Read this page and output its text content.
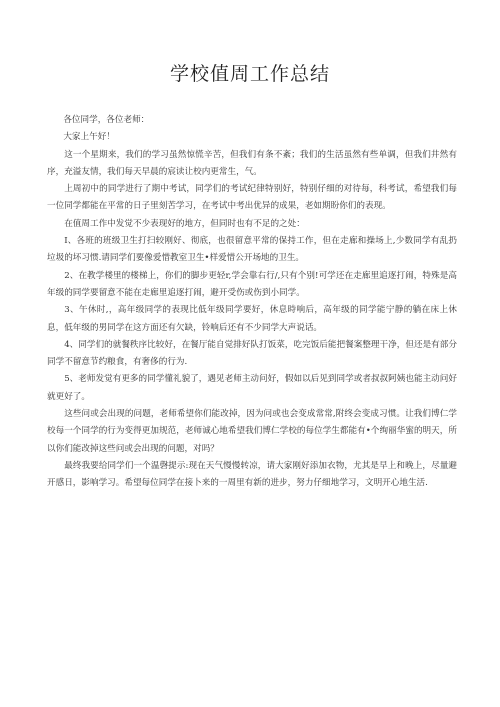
学校值周工作总结

各位同学，各位老师：

大家上午好！

这一个星期来，我们的学习虽然惊慌辛苦，但我们有条不紊；我们的生活虽然有些单调，但我们井然有序，充溢友情，我们每天早晨的宸读让校内更常生，气。

上周初中的同学进行了期中考试，同学们的考试纪律特别好，特别仔细的对待每，科考试，希望我们每一位同学都能在平常的日子里刻苦学习，在考试中考出优异的成果，老如期盼你们的表现。

在值周工作中发觉不少表现好的地方，但同时也有不足的之处：

I、各班的班级卫生打扫较刚好、彻底，也很留意平常的保持工作，但在走廊和操场上,少数同学有乱扔垃圾的坏习惯.请同学们要像爱惜教室卫生•样爱惜公开场地的卫生。

2、在教学楼里的楼梯上，你们的脚步更轻r,学会靠右行/,只有个别!可学还在走廊里追逐打闹，特殊是高年级的同学要留意不能在走廊里追逐打闹，避开受伤或伤到小同学。

3、午休时,，高年级同学的表现比低年级同学要好，休息時响后，高年级的同学能宁静的躺在床上休息，低年级的男同学在这方面还有欠缺，铃响后还有不少同学大声说话。

4、同学们的就餐秩序比较好，在餐厅能自觉排好队打饭菜，吃完饭后能把餐案整理干净，但还是有部分同学不留意节约粮食，有奢侈的行为.

5、老师发觉有更多的同学懂礼貌了，遇见老师主动问好，假如以后见到同学或者叔叔阿姨也能主动问好就更好了。

这些问或会出现的问题，老师希望你们能改掉，因为问或也会变成常常,附终会变成习惯。让我们博仁学校每一个同学的行为变得更加规范，老师诚心地希望我们博仁学校的每位学生都能有•个绚丽华蜜的明天，所以你们能改掉这些问或会出现的问题，对吗？

最终我要给同学们一个温磬提示:现在天气慢慢转凉，请大家刚好添加衣物，尤其是早上和晚上，尽量避开感日，影响学习。希望每位同学在接卜来的一周里有新的进步，努力仔细地学习，文明开心地生活.
